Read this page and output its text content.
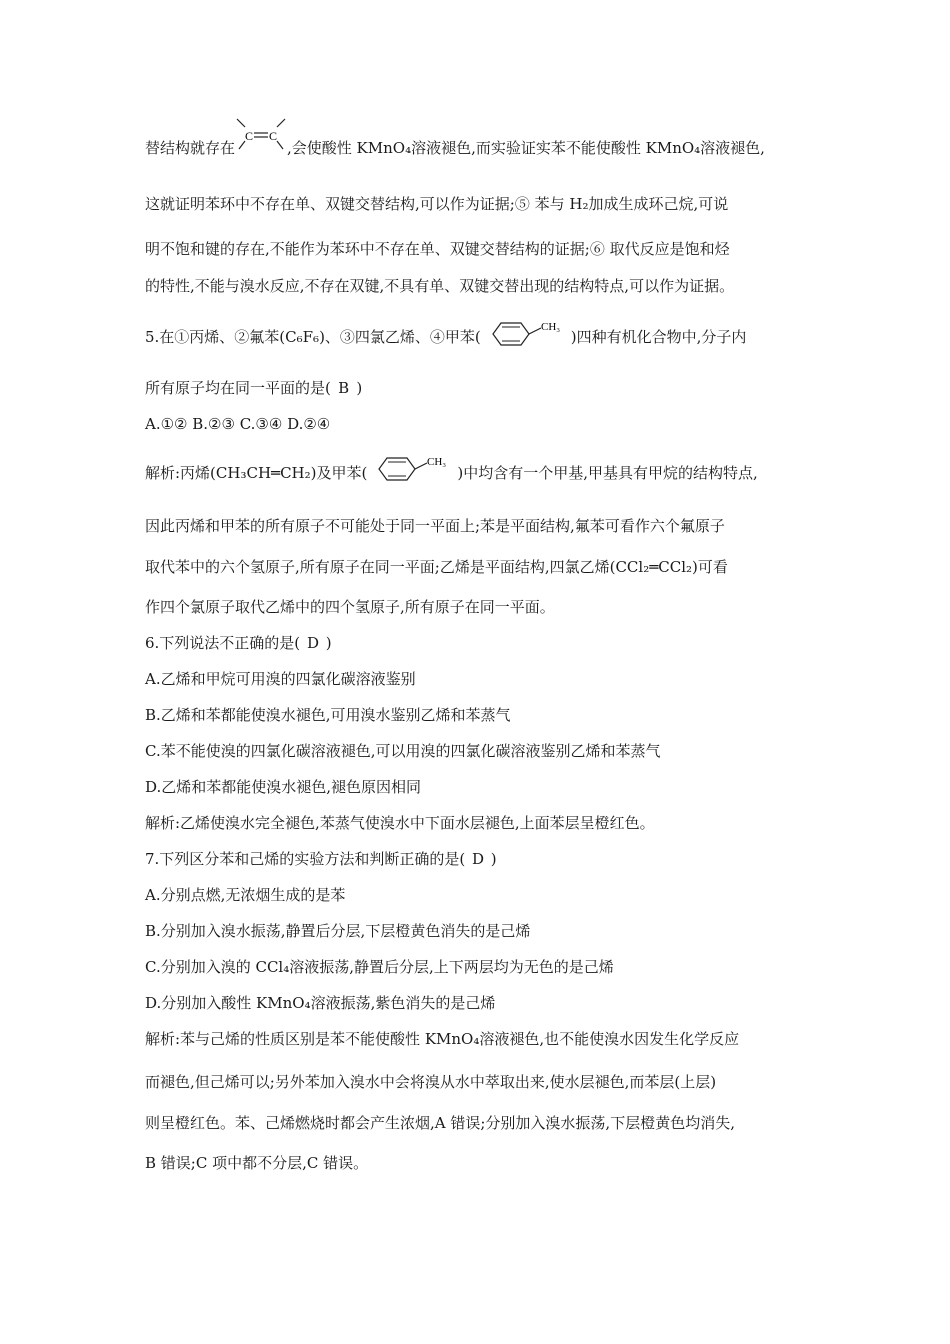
替结构就存在
C C
,会使酸性 KMnO₄溶液褪色,而实验证实苯不能使酸性 KMnO₄溶液褪色,
这就证明苯环中不存在单、双键交替结构,可以作为证据;⑤ 苯与 H₂加成生成环己烷,可说
明不饱和键的存在,不能作为苯环中不存在单、双键交替结构的证据;⑥ 取代反应是饱和烃
的特性,不能与溴水反应,不存在双键,不具有单、双键交替出现的结构特点,可以作为证据。
5.在①丙烯、②氟苯(C₆F₆)、③四氯乙烯、④甲苯(
CH₃
)四种有机化合物中,分子内
所有原子均在同一平面的是( B )
A.①② B.②③ C.③④ D.②④
解析:丙烯(CH₃CH═CH₂)及甲苯(
CH₃
)中均含有一个甲基,甲基具有甲烷的结构特点,
因此丙烯和甲苯的所有原子不可能处于同一平面上;苯是平面结构,氟苯可看作六个氟原子
取代苯中的六个氢原子,所有原子在同一平面;乙烯是平面结构,四氯乙烯(CCl₂═CCl₂)可看
作四个氯原子取代乙烯中的四个氢原子,所有原子在同一平面。
6.下列说法不正确的是( D )
A.乙烯和甲烷可用溴的四氯化碳溶液鉴别
B.乙烯和苯都能使溴水褪色,可用溴水鉴别乙烯和苯蒸气
C.苯不能使溴的四氯化碳溶液褪色,可以用溴的四氯化碳溶液鉴别乙烯和苯蒸气
D.乙烯和苯都能使溴水褪色,褪色原因相同
解析:乙烯使溴水完全褪色,苯蒸气使溴水中下面水层褪色,上面苯层呈橙红色。
7.下列区分苯和己烯的实验方法和判断正确的是( D )
A.分别点燃,无浓烟生成的是苯
B.分别加入溴水振荡,静置后分层,下层橙黄色消失的是己烯
C.分别加入溴的 CCl₄溶液振荡,静置后分层,上下两层均为无色的是己烯
D.分别加入酸性 KMnO₄溶液振荡,紫色消失的是己烯
解析:苯与己烯的性质区别是苯不能使酸性 KMnO₄溶液褪色,也不能使溴水因发生化学反应
而褪色,但己烯可以;另外苯加入溴水中会将溴从水中萃取出来,使水层褪色,而苯层(上层)
则呈橙红色。苯、己烯燃烧时都会产生浓烟,A 错误;分别加入溴水振荡,下层橙黄色均消失,
B 错误;C 项中都不分层,C 错误。
